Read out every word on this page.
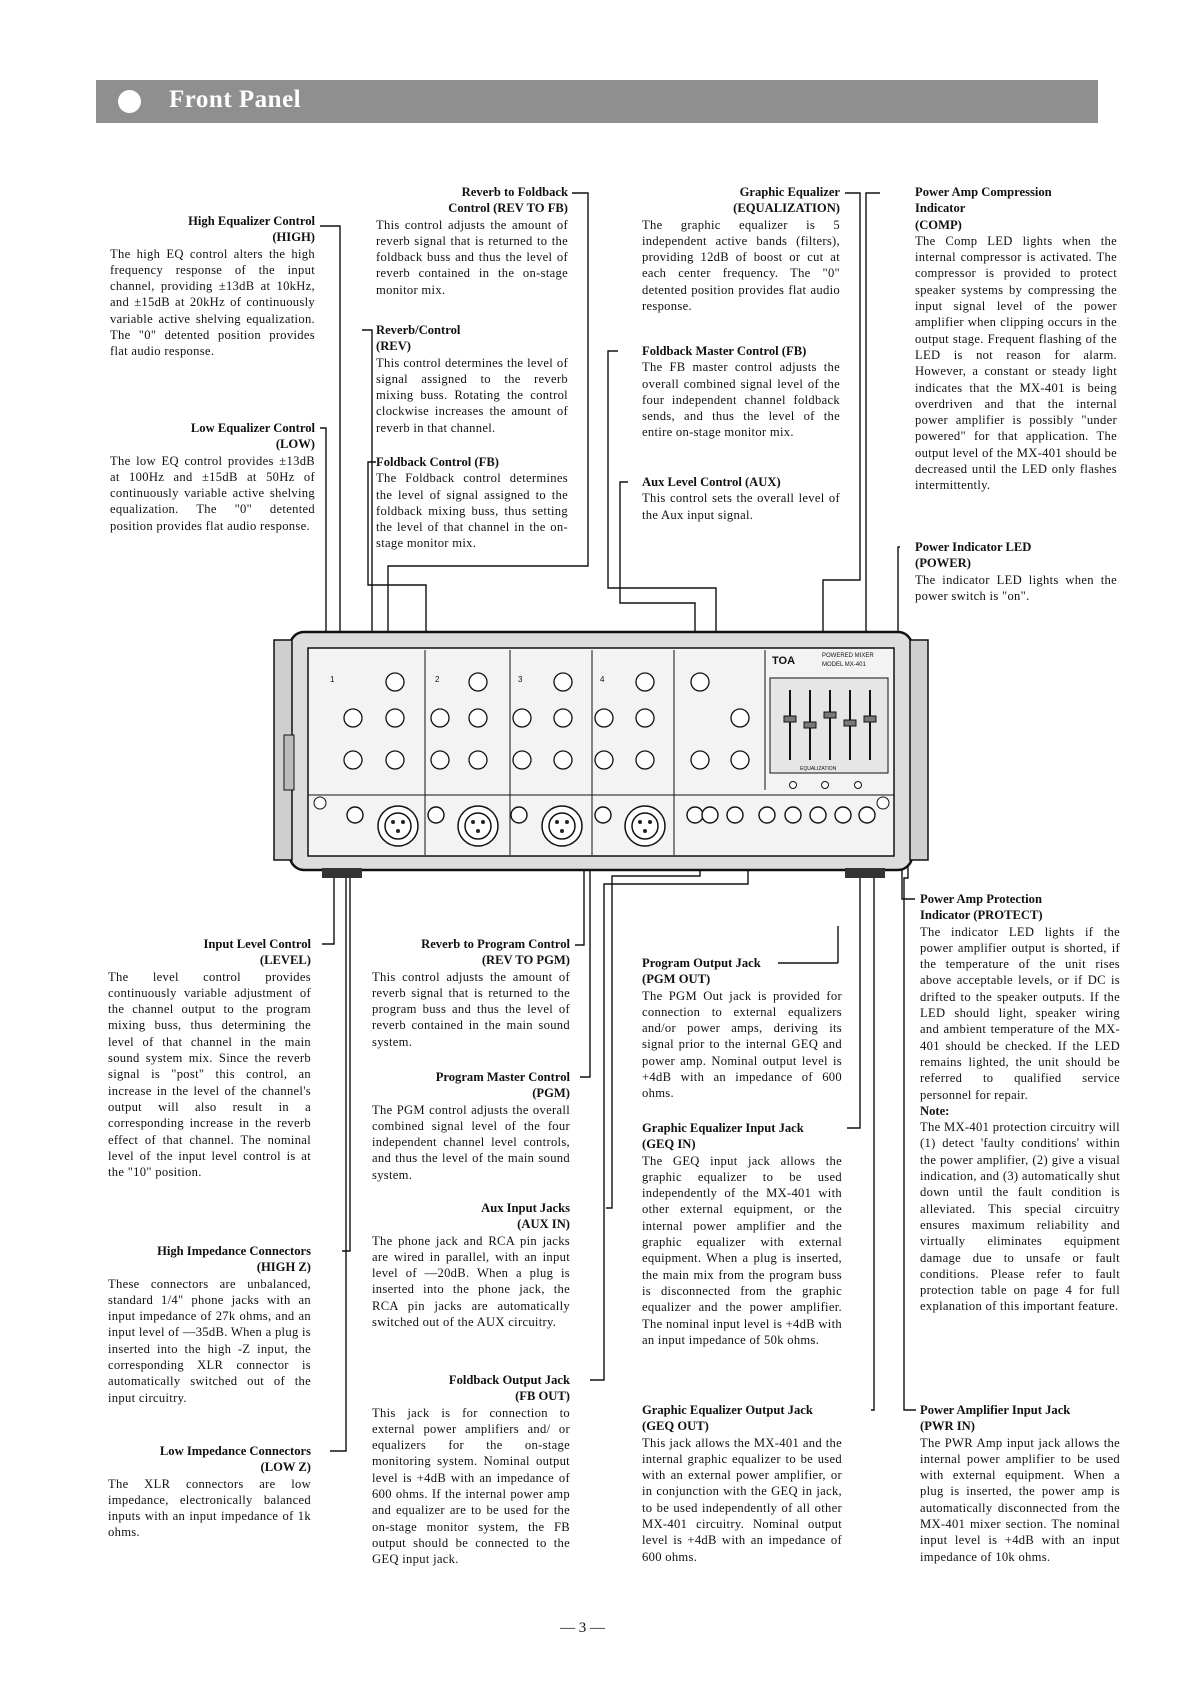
Front Panel
TOA	POWERED MIXER
MODEL MX-401
1	2	3	4
EQUALIZATION
High Equalizer Control
(HIGH)
The high EQ control alters the high frequency response of the input channel, providing ±13dB at 10kHz, and ±15dB at 20kHz of continuously variable active shelving equalization. The "0" detented position provides flat audio response.
Low Equalizer Control
(LOW)
The low EQ control provides ±13dB at 100Hz and ±15dB at 50Hz of continuously variable active shelving equalization. The "0" detented position provides flat audio response.
Reverb to Foldback
Control (REV TO FB)
This control adjusts the amount of reverb signal that is returned to the foldback buss and thus the level of reverb contained in the on-stage monitor mix.
Reverb/Control
(REV)
This control determines the level of signal assigned to the reverb mixing buss. Rotating the control clockwise increases the amount of reverb in that channel.
Foldback Control (FB)
The Foldback control determines the level of signal assigned to the foldback mixing buss, thus setting the level of that channel in the on-stage monitor mix.
Graphic Equalizer
(EQUALIZATION)
The graphic equalizer is 5 independent active bands (filters), providing 12dB of boost or cut at each center frequency. The "0" detented position provides flat audio response.
Foldback Master Control (FB)
The FB master control adjusts the overall combined signal level of the four independent channel foldback sends, and thus the level of the entire on-stage monitor mix.
Aux Level Control (AUX)
This control sets the overall level of the Aux input signal.
Power Amp Compression
Indicator
(COMP)
The Comp LED lights when the internal compressor is activated. The compressor is provided to protect speaker systems by compressing the input signal level of the power amplifier when clipping occurs in the output stage. Frequent flashing of the LED is not reason for alarm. However, a constant or steady light indicates that the MX-401 is being overdriven and that the internal power amplifier is possibly "under powered" for that application. The output level of the MX-401 should be decreased until the LED only flashes intermittently.
Power Indicator LED
(POWER)
The indicator LED lights when the power switch is "on".
Input Level Control
(LEVEL)
The level control provides continuously variable adjustment of the channel output to the program mixing buss, thus determining the level of that channel in the main sound system mix. Since the reverb signal is "post" this control, an increase in the level of the channel's output will also result in a corresponding increase in the reverb effect of that channel. The nominal level of the input level control is at the "10" position.
High Impedance Connectors
(HIGH Z)
These connectors are unbalanced, standard 1/4" phone jacks with an input impedance of 27k ohms, and an input level of —35dB. When a plug is inserted into the high -Z input, the corresponding XLR connector is automatically switched out of the input circuitry.
Low Impedance Connectors
(LOW Z)
The XLR connectors are low impedance, electronically balanced inputs with an input impedance of 1k ohms.
Reverb to Program Control
(REV TO PGM)
This control adjusts the amount of reverb signal that is returned to the program buss and thus the level of reverb contained in the main sound system.
Program Master Control
(PGM)
The PGM control adjusts the overall combined signal level of the four independent channel level controls, and thus the level of the main sound system.
Aux Input Jacks
(AUX IN)
The phone jack and RCA pin jacks are wired in parallel, with an input level of —20dB. When a plug is inserted into the phone jack, the RCA pin jacks are automatically switched out of the AUX circuitry.
Foldback Output Jack
(FB OUT)
This jack is for connection to external power amplifiers and/ or equalizers for the on-stage monitoring system. Nominal output level is +4dB with an impedance of 600 ohms. If the internal power amp and equalizer are to be used for the on-stage monitor system, the FB output should be connected to the GEQ input jack.
Program Output Jack
(PGM OUT)
The PGM Out jack is provided for connection to external equalizers and/or power amps, deriving its signal prior to the internal GEQ and power amp. Nominal output level is +4dB with an impedance of 600 ohms.
Graphic Equalizer Input Jack
(GEQ IN)
The GEQ input jack allows the graphic equalizer to be used independently of the MX-401 with other external equipment, or the internal power amplifier and the graphic equalizer with external equipment. When a plug is inserted, the main mix from the program buss is disconnected from the graphic equalizer and the power amplifier. The nominal input level is +4dB with an input impedance of 50k ohms.
Graphic Equalizer Output Jack
(GEQ OUT)
This jack allows the MX-401 and the internal graphic equalizer to be used with an external power amplifier, or in conjunction with the GEQ in jack, to be used independently of all other MX-401 circuitry. Nominal output level is +4dB with an impedance of 600 ohms.
Power Amp Protection
Indicator (PROTECT)
The indicator LED lights if the power amplifier output is shorted, if the temperature of the unit rises above acceptable levels, or if DC is drifted to the speaker outputs. If the LED should light, speaker wiring and ambient temperature of the MX-401 should be checked. If the LED remains lighted, the unit should be referred to qualified service personnel for repair.
Note:
The MX-401 protection circuitry will (1) detect 'faulty conditions' within the power amplifier, (2) give a visual indication, and (3) automatically shut down until the fault condition is alleviated. This special circuitry ensures maximum reliability and virtually eliminates equipment damage due to unsafe or fault conditions. Please refer to fault protection table on page 4 for full explanation of this important feature.
Power Amplifier Input Jack
(PWR IN)
The PWR Amp input jack allows the internal power amplifier to be used with external equipment. When a plug is inserted, the power amp is automatically disconnected from the MX-401 mixer section. The nominal input level is +4dB with an input impedance of 10k ohms.
— 3 —
